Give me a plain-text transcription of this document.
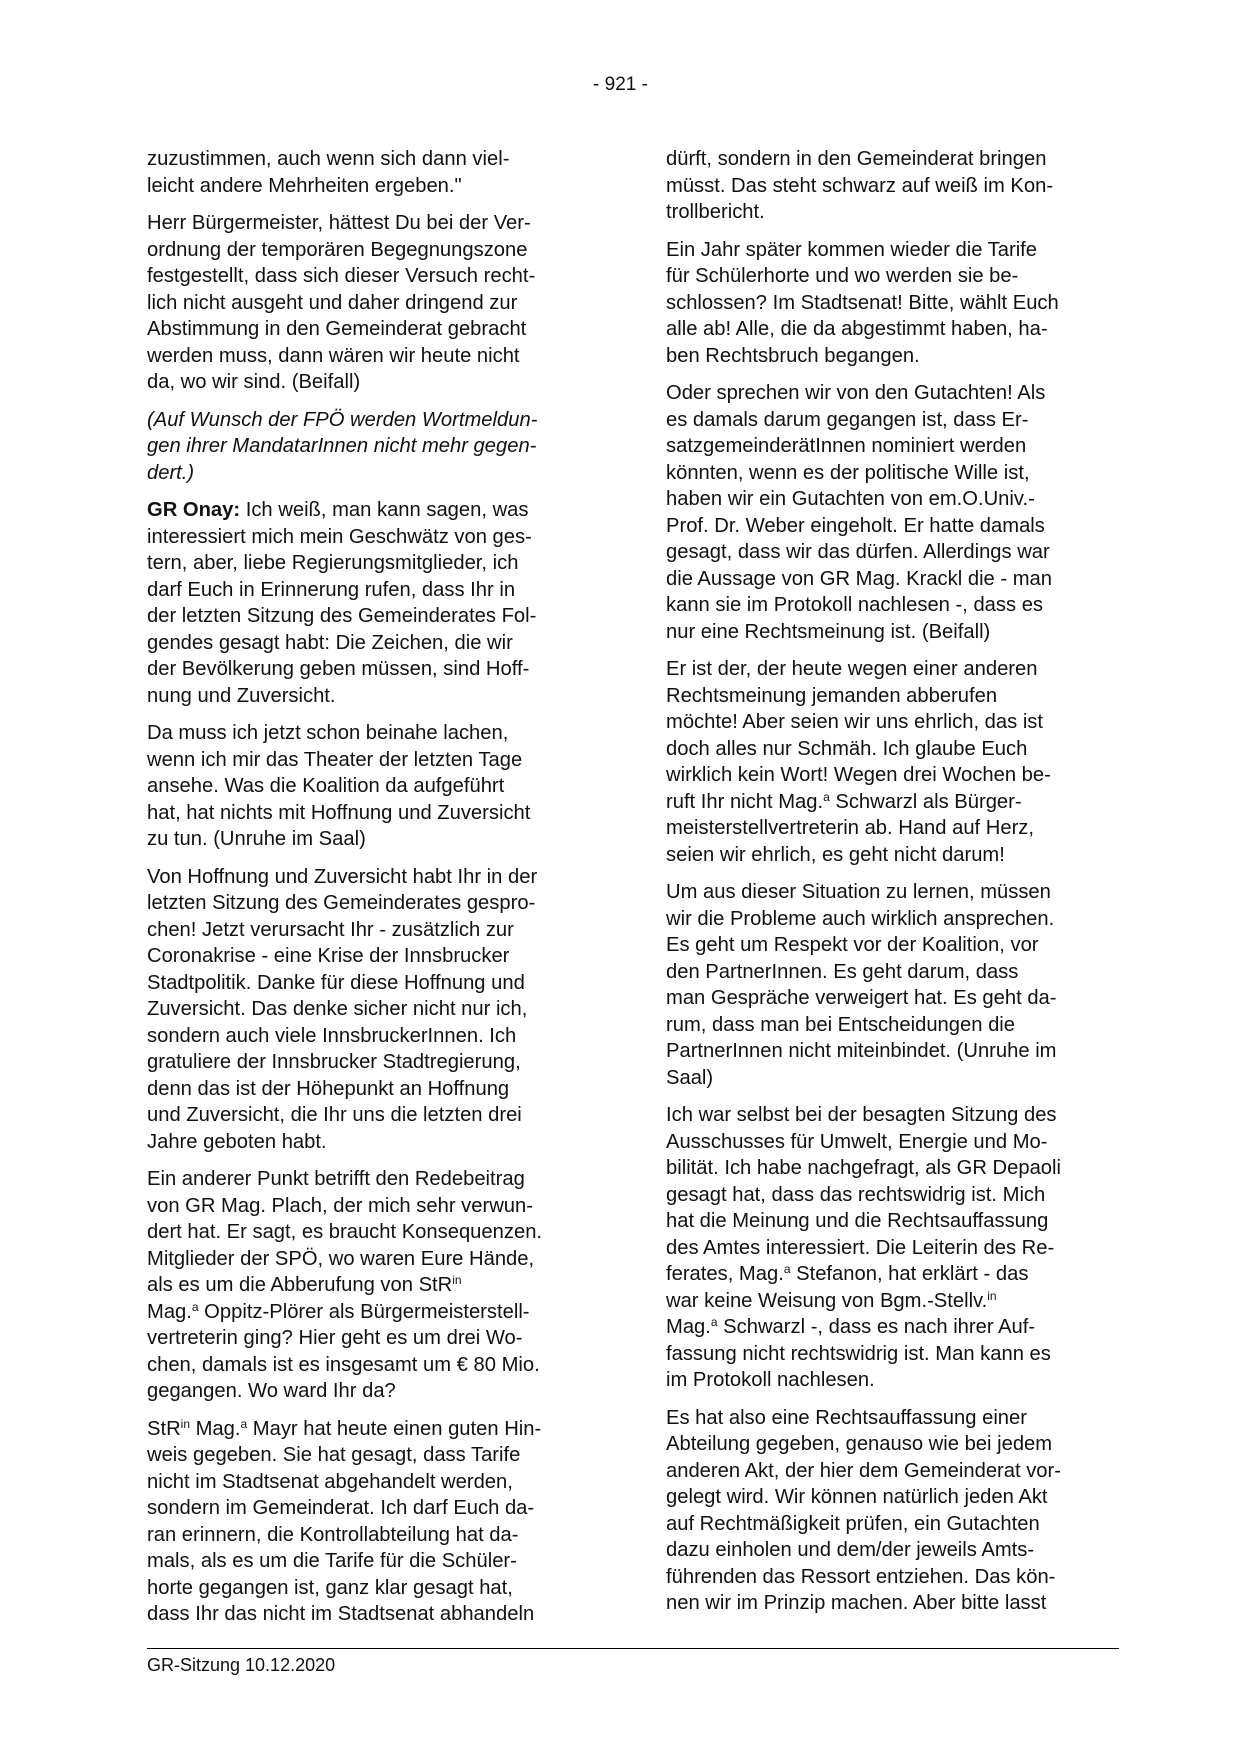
- 921 -

zuzustimmen, auch wenn sich dann viel-
leicht andere Mehrheiten ergeben."

Herr Bürgermeister, hättest Du bei der Ver-
ordnung der temporären Begegnungszone
festgestellt, dass sich dieser Versuch recht-
lich nicht ausgeht und daher dringend zur
Abstimmung in den Gemeinderat gebracht
werden muss, dann wären wir heute nicht
da, wo wir sind. (Beifall)

(Auf Wunsch der FPÖ werden Wortmeldun-
gen ihrer MandatarInnen nicht mehr gegen-
dert.)

GR Onay: Ich weiß, man kann sagen, was
interessiert mich mein Geschwätz von ges-
tern, aber, liebe Regierungsmitglieder, ich
darf Euch in Erinnerung rufen, dass Ihr in
der letzten Sitzung des Gemeinderates Fol-
gendes gesagt habt: Die Zeichen, die wir
der Bevölkerung geben müssen, sind Hoff-
nung und Zuversicht.

Da muss ich jetzt schon beinahe lachen,
wenn ich mir das Theater der letzten Tage
ansehe. Was die Koalition da aufgeführt
hat, hat nichts mit Hoffnung und Zuversicht
zu tun. (Unruhe im Saal)

Von Hoffnung und Zuversicht habt Ihr in der
letzten Sitzung des Gemeinderates gespro-
chen! Jetzt verursacht Ihr - zusätzlich zur
Coronakrise - eine Krise der Innsbrucker
Stadtpolitik. Danke für diese Hoffnung und
Zuversicht. Das denke sicher nicht nur ich,
sondern auch viele InnsbruckerInnen. Ich
gratuliere der Innsbrucker Stadtregierung,
denn das ist der Höhepunkt an Hoffnung
und Zuversicht, die Ihr uns die letzten drei
Jahre geboten habt.

Ein anderer Punkt betrifft den Redebeitrag
von GR Mag. Plach, der mich sehr verwun-
dert hat. Er sagt, es braucht Konsequenzen.
Mitglieder der SPÖ, wo waren Eure Hände,
als es um die Abberufung von StR$^{in}$
Mag.$^a$ Oppitz-Plörer als Bürgermeisterstell-
vertreterin ging? Hier geht es um drei Wo-
chen, damals ist es insgesamt um € 80 Mio.
gegangen. Wo ward Ihr da?

StR$^{in}$ Mag.$^a$ Mayr hat heute einen guten Hin-
weis gegeben. Sie hat gesagt, dass Tarife
nicht im Stadtsenat abgehandelt werden,
sondern im Gemeinderat. Ich darf Euch da-
ran erinnern, die Kontrollabteilung hat da-
mals, als es um die Tarife für die Schüler-
horte gegangen ist, ganz klar gesagt hat,
dass Ihr das nicht im Stadtsenat abhandeln

dürft, sondern in den Gemeinderat bringen
müsst. Das steht schwarz auf weiß im Kon-
trollbericht.

Ein Jahr später kommen wieder die Tarife
für Schülerhorte und wo werden sie be-
schlossen? Im Stadtsenat! Bitte, wählt Euch
alle ab! Alle, die da abgestimmt haben, ha-
ben Rechtsbruch begangen.

Oder sprechen wir von den Gutachten! Als
es damals darum gegangen ist, dass Er-
satzgemeinderätInnen nominiert werden
könnten, wenn es der politische Wille ist,
haben wir ein Gutachten von em.O.Univ.-
Prof. Dr. Weber eingeholt. Er hatte damals
gesagt, dass wir das dürfen. Allerdings war
die Aussage von GR Mag. Krackl die - man
kann sie im Protokoll nachlesen -, dass es
nur eine Rechtsmeinung ist. (Beifall)

Er ist der, der heute wegen einer anderen
Rechtsmeinung jemanden abberufen
möchte! Aber seien wir uns ehrlich, das ist
doch alles nur Schmäh. Ich glaube Euch
wirklich kein Wort! Wegen drei Wochen be-
ruft Ihr nicht Mag.$^a$ Schwarzl als Bürger-
meisterstellvertreterin ab. Hand auf Herz,
seien wir ehrlich, es geht nicht darum!

Um aus dieser Situation zu lernen, müssen
wir die Probleme auch wirklich ansprechen.
Es geht um Respekt vor der Koalition, vor
den PartnerInnen. Es geht darum, dass
man Gespräche verweigert hat. Es geht da-
rum, dass man bei Entscheidungen die
PartnerInnen nicht miteinbindet. (Unruhe im
Saal)

Ich war selbst bei der besagten Sitzung des
Ausschusses für Umwelt, Energie und Mo-
bilität. Ich habe nachgefragt, als GR Depaoli
gesagt hat, dass das rechtswidrig ist. Mich
hat die Meinung und die Rechtsauffassung
des Amtes interessiert. Die Leiterin des Re-
ferates, Mag.$^a$ Stefanon, hat erklärt - das
war keine Weisung von Bgm.-Stellv.$^{in}$
Mag.$^a$ Schwarzl -, dass es nach ihrer Auf-
fassung nicht rechtswidrig ist. Man kann es
im Protokoll nachlesen.

Es hat also eine Rechtsauffassung einer
Abteilung gegeben, genauso wie bei jedem
anderen Akt, der hier dem Gemeinderat vor-
gelegt wird. Wir können natürlich jeden Akt
auf Rechtmäßigkeit prüfen, ein Gutachten
dazu einholen und dem/der jeweils Amts-
führenden das Ressort entziehen. Das kön-
nen wir im Prinzip machen. Aber bitte lasst

GR-Sitzung 10.12.2020
